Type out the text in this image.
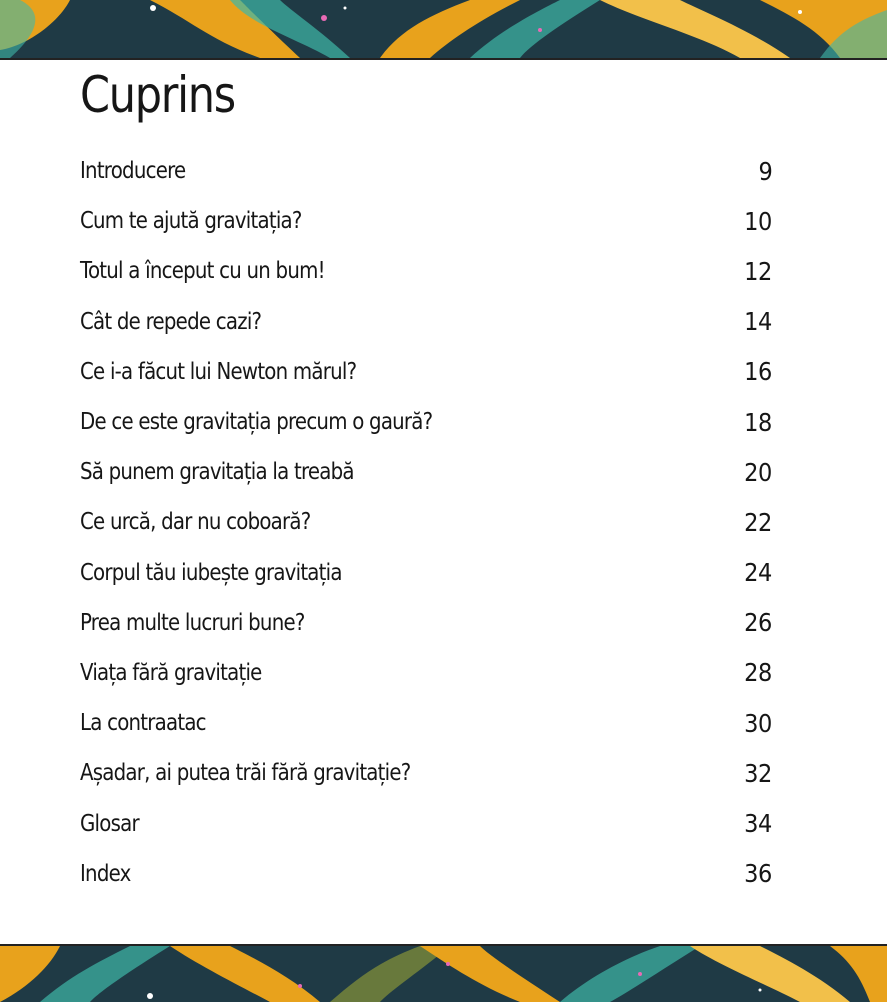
Cuprins
Introducere	9
Cum te ajută gravitația?	10
Totul a început cu un bum!	12
Cât de repede cazi?	14
Ce i-a făcut lui Newton mărul?	16
De ce este gravitația precum o gaură?	18
Să punem gravitația la treabă	20
Ce urcă, dar nu coboară?	22
Corpul tău iubește gravitația	24
Prea multe lucruri bune?	26
Viața fără gravitație	28
La contraatac	30
Așadar, ai putea trăi fără gravitație?	32
Glosar	34
Index	36
